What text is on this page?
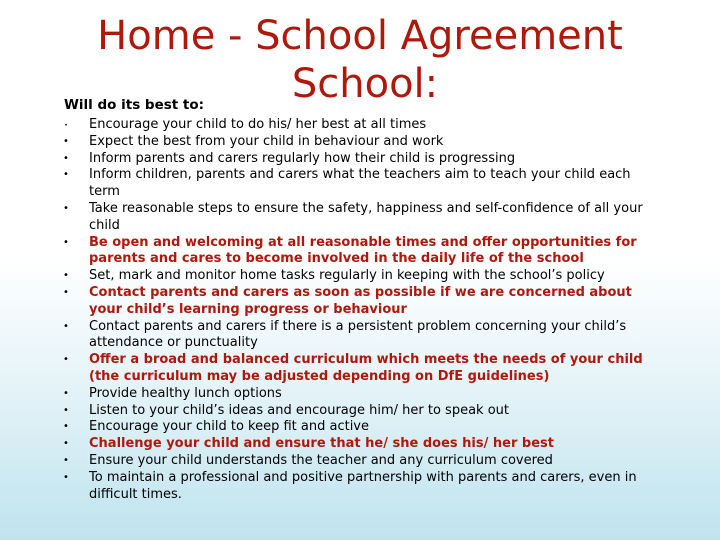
Home - School Agreement
School:
Will do its best to:
•	Encourage your child to do his/ her best at all times
• Expect the best from your child in behaviour and work
• Inform parents and carers regularly how their child is progressing
• Inform children, parents and carers what the teachers aim to teach your child each term
• Take reasonable steps to ensure the safety, happiness and self-confidence of all your child
• Be open and welcoming at all reasonable times and offer opportunities for parents and cares to become involved in the daily life of the school
• Set, mark and monitor home tasks regularly in keeping with the school’s policy
• Contact parents and carers as soon as possible if we are concerned about your child’s learning progress or behaviour
• Contact parents and carers if there is a persistent problem concerning your child’s attendance or punctuality
• Offer a broad and balanced curriculum which meets the needs of your child (the curriculum may be adjusted depending on DfE guidelines)
• Provide healthy lunch options
• Listen to your child’s ideas and encourage him/ her to speak out
• Encourage your child to keep fit and active
• Challenge your child and ensure that he/ she does his/ her best
• Ensure your child understands the teacher and any curriculum covered
• To maintain a professional and positive partnership with parents and carers, even in difficult times.
